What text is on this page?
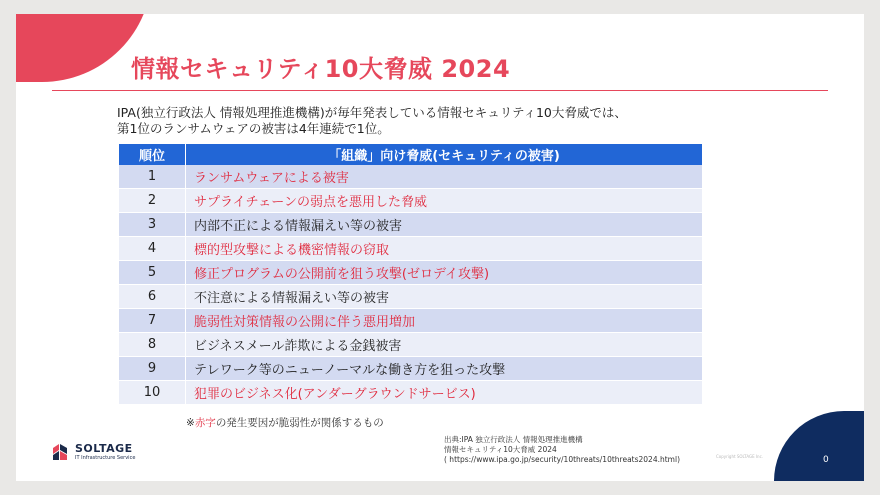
情報セキュリティ10大脅威 2024
IPA(独立行政法人 情報処理推進機構)が毎年発表している情報セキュリティ10大脅威では、
第1位のランサムウェアの被害は4年連続で1位。
順位	「組織」向け脅威(セキュリティの被害)
1	ランサムウェアによる被害
2	サプライチェーンの弱点を悪用した脅威
3	内部不正による情報漏えい等の被害
4	標的型攻撃による機密情報の窃取
5	修正プログラムの公開前を狙う攻撃(ゼロデイ攻撃)
6	不注意による情報漏えい等の被害
7	脆弱性対策情報の公開に伴う悪用増加
8	ビジネスメール詐欺による金銭被害
9	テレワーク等のニューノーマルな働き方を狙った攻撃
10	犯罪のビジネス化(アンダーグラウンドサービス)
※赤字の発生要因が脆弱性が関係するもの
SOLTAGE
IT Infrastructure Service
出典:IPA 独立行政法人 情報処理推進機構
情報セキュリティ10大脅威 2024
( https://www.ipa.go.jp/security/10threats/10threats2024.html)	Copyright SOLTAGE Inc.	0
